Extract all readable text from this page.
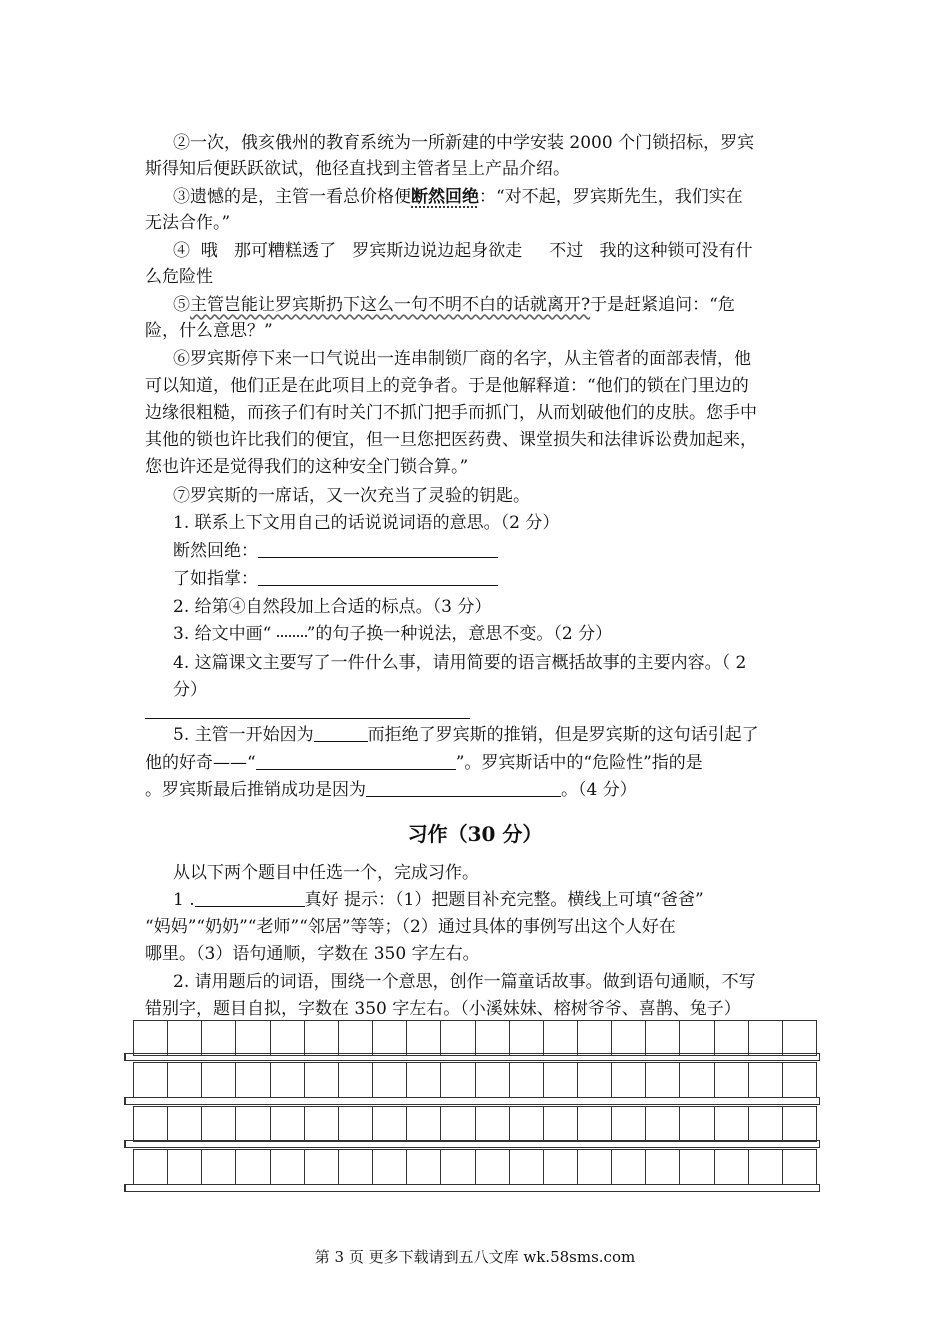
②一次，俄亥俄州的教育系统为一所新建的中学安装 2000 个门锁招标，罗宾
斯得知后便跃跃欲试，他径直找到主管者呈上产品介绍。
③遗憾的是，主管一看总价格便断然回绝：“对不起，罗宾斯先生，我们实在
无法合作。”
④  哦   那可糟糕透了   罗宾斯边说边起身欲走     不过   我的这种锁可没有什
么危险性
⑤主管岂能让罗宾斯扔下这么一句不明不白的话就离开?于是赶紧追问：“危
险，什么意思？”
⑥罗宾斯停下来一口气说出一连串制锁厂商的名字，从主管者的面部表情，他
可以知道，他们正是在此项目上的竞争者。于是他解释道：“他们的锁在门里边的
边缘很粗糙，而孩子们有时关门不抓门把手而抓门，从而划破他们的皮肤。您手中
其他的锁也许比我们的便宜，但一旦您把医药费、课堂损失和法律诉讼费加起来，
您也许还是觉得我们的这种安全门锁合算。”
⑦罗宾斯的一席话，又一次充当了灵验的钥匙。
1. 联系上下文用自己的话说说词语的意思。（2 分）
断然回绝：
了如指掌：
2. 给第④自然段加上合适的标点。（3 分）
3. 给文中画“ ”的句子换一种说法，意思不变。（2 分）
4. 这篇课文主要写了一件什么事，请用简要的语言概括故事的主要内容。（ 2
分）
5. 主管一开始因为	而拒绝了罗宾斯的推销，但是罗宾斯的这句话引起了
他的好奇——“	”。罗宾斯话中的“危险性”指的是
。罗宾斯最后推销成功是因为	。（4 分）
习作（30 分）
从以下两个题目中任选一个，完成习作。
1 .	真好 提示：（1）把题目补充完整。横线上可填“爸爸”
“妈妈”“奶奶”“老师”“邻居”等等；（2）通过具体的事例写出这个人好在
哪里。（3）语句通顺，字数在 350 字左右。
2. 请用题后的词语，围绕一个意思，创作一篇童话故事。做到语句通顺，不写
错别字，题目自拟，字数在 350 字左右。（小溪妹妹、榕树爷爷、喜鹊、兔子）
第 3 页 更多下载请到五八文库 wk.58sms.com
